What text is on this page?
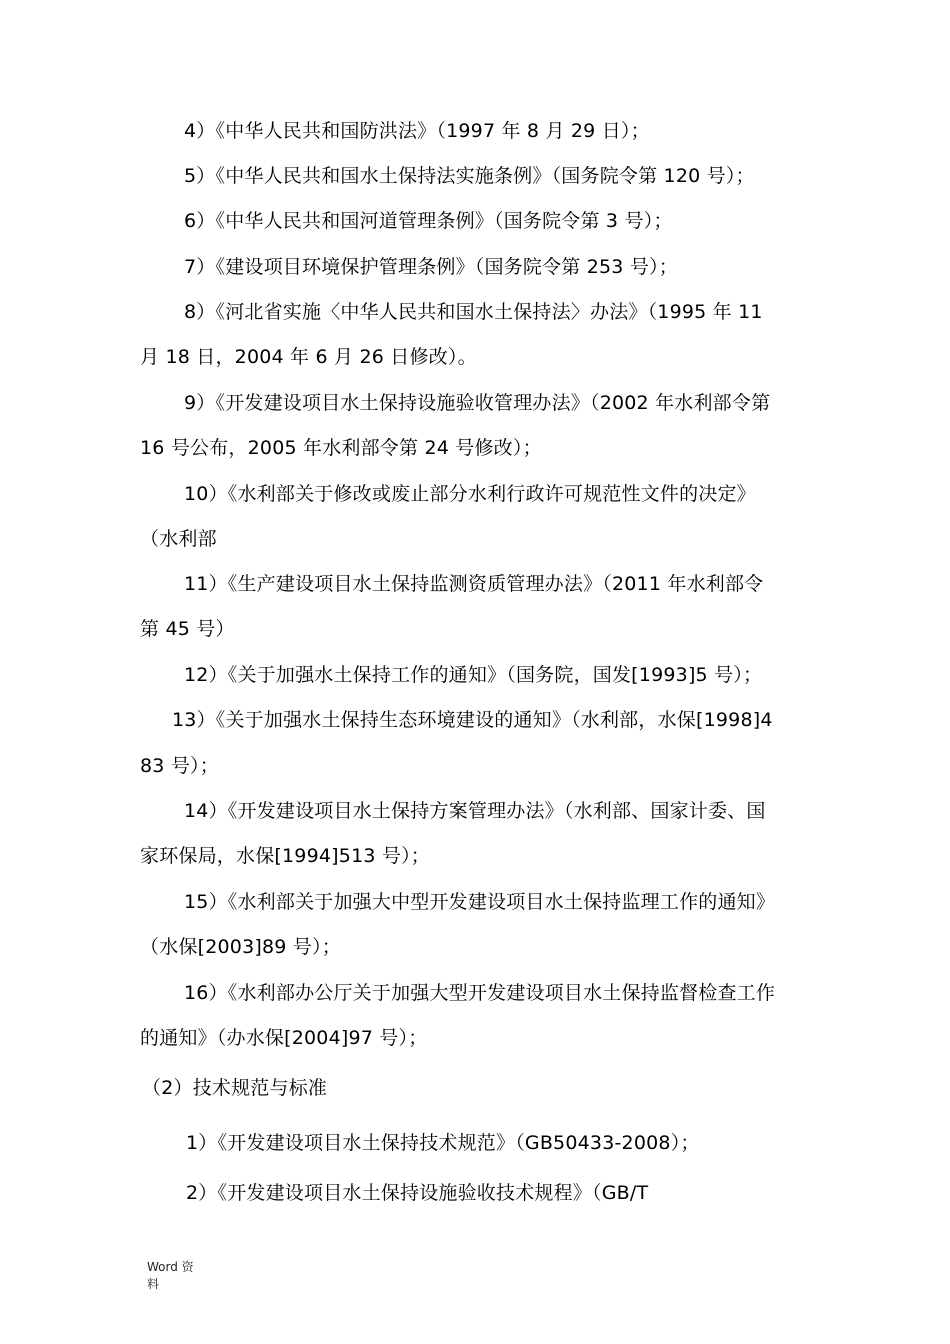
4）《中华人民共和国防洪法》（1997 年 8 月 29 日）；
5）《中华人民共和国水土保持法实施条例》（国务院令第 120 号）；
6）《中华人民共和国河道管理条例》（国务院令第 3 号）；
7）《建设项目环境保护管理条例》（国务院令第 253 号）；
8）《河北省实施〈中华人民共和国水土保持法〉办法》（1995 年 11
月 18 日，2004 年 6 月 26 日修改）。
9）《开发建设项目水土保持设施验收管理办法》（2002 年水利部令第
16 号公布，2005 年水利部令第 24 号修改）；
10）《水利部关于修改或废止部分水利行政许可规范性文件的决定》
（水利部
11）《生产建设项目水土保持监测资质管理办法》（2011 年水利部令
第 45 号）
12）《关于加强水土保持工作的通知》（国务院，国发[1993]5 号）；
13）《关于加强水土保持生态环境建设的通知》（水利部，水保[1998]4
83 号）；
14）《开发建设项目水土保持方案管理办法》（水利部、国家计委、国
家环保局，水保[1994]513 号）；
15）《水利部关于加强大中型开发建设项目水土保持监理工作的通知》
（水保[2003]89 号）；
16）《水利部办公厅关于加强大型开发建设项目水土保持监督检查工作
的通知》（办水保[2004]97 号）；
（2）技术规范与标准
1）《开发建设项目水土保持技术规范》（GB50433-2008）；
2）《开发建设项目水土保持设施验收技术规程》（GB/T
Word 资
料
